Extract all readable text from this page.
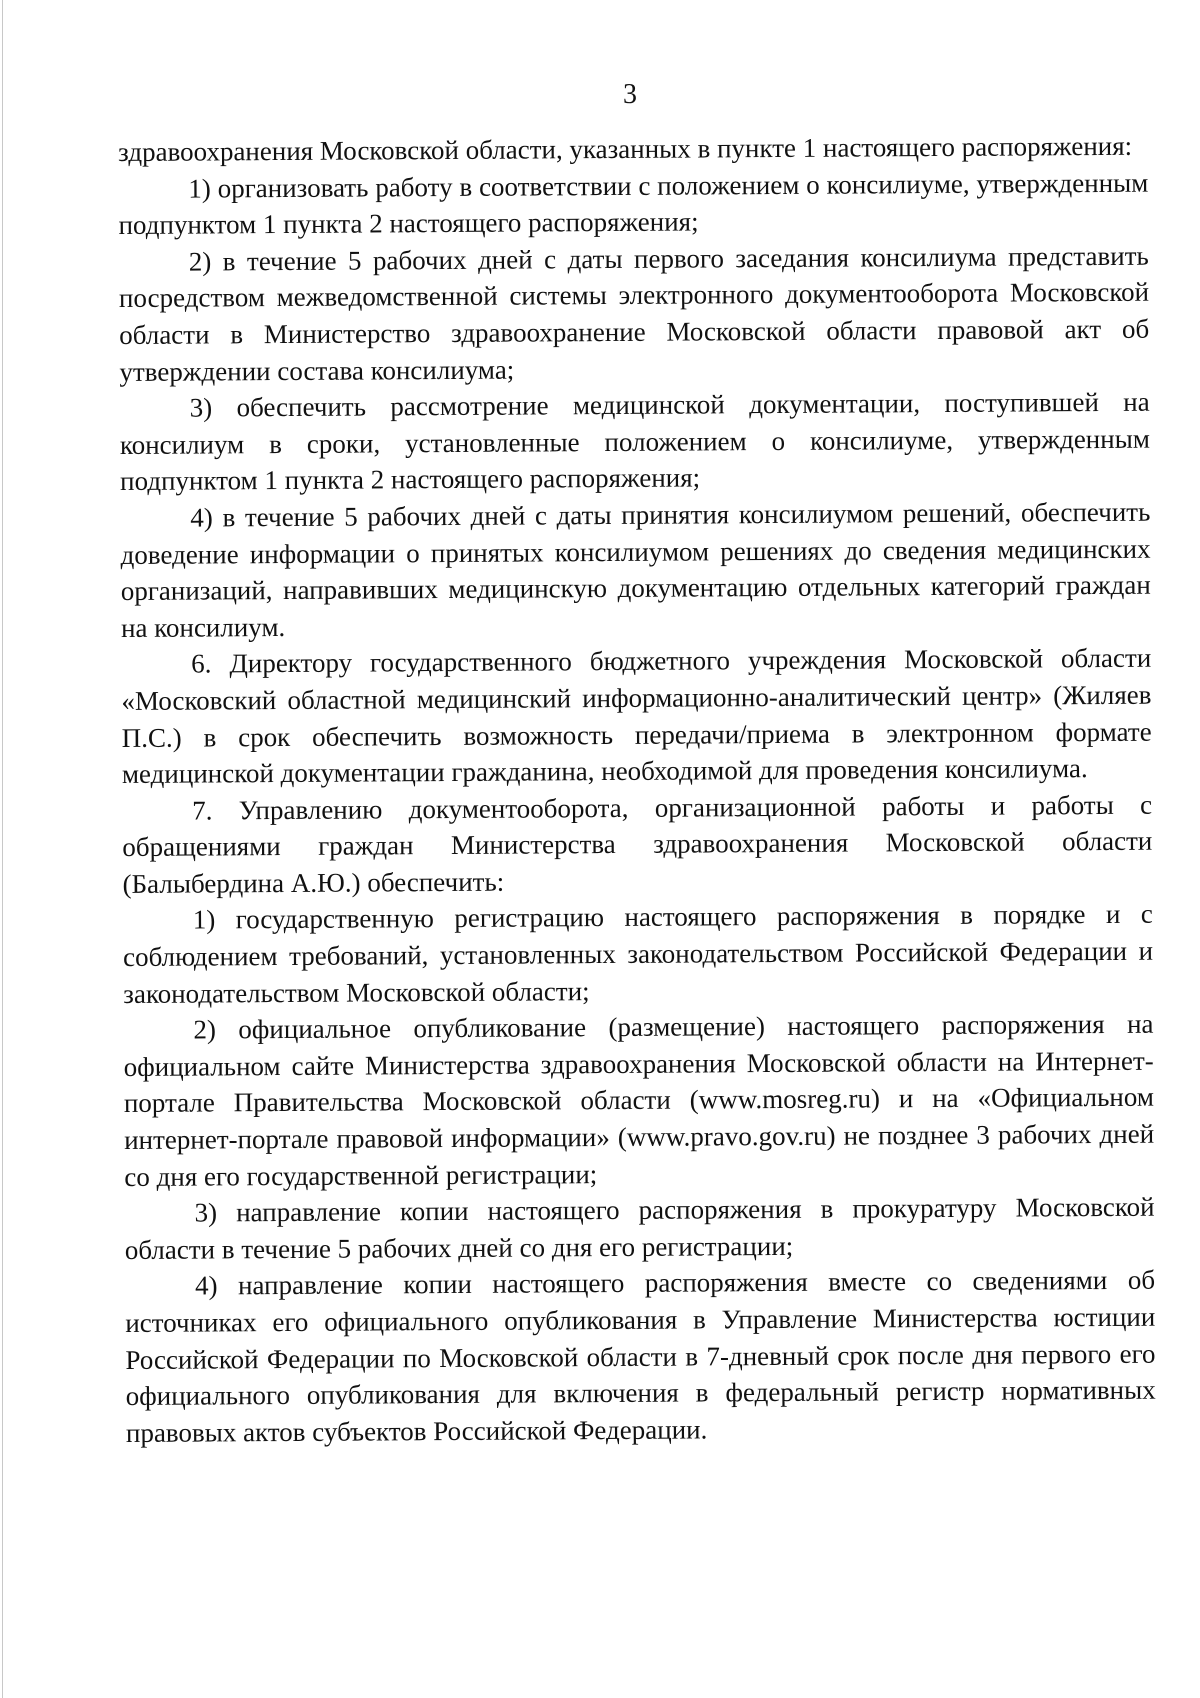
3

здравоохранения Московской области, указанных в пункте 1 настоящего распоряжения:

1) организовать работу в соответствии с положением о консилиуме, утвержденным подпунктом 1 пункта 2 настоящего распоряжения;

2) в течение 5 рабочих дней с даты первого заседания консилиума представить посредством межведомственной системы электронного документооборота Московской области в Министерство здравоохранение Московской области правовой акт об утверждении состава консилиума;

3) обеспечить рассмотрение медицинской документации, поступившей на консилиум в сроки, установленные положением о консилиуме, утвержденным подпунктом 1 пункта 2 настоящего распоряжения;

4) в течение 5 рабочих дней с даты принятия консилиумом решений, обеспечить доведение информации о принятых консилиумом решениях до сведения медицинских организаций, направивших медицинскую документацию отдельных категорий граждан на консилиум.

6. Директору государственного бюджетного учреждения Московской области «Московский областной медицинский информационно-аналитический центр» (Жиляев П.С.) в срок обеспечить возможность передачи/приема в электронном формате медицинской документации гражданина, необходимой для проведения консилиума.

7. Управлению документооборота, организационной работы и работы с обращениями граждан Министерства здравоохранения Московской области (Балыбердина А.Ю.) обеспечить:

1) государственную регистрацию настоящего распоряжения в порядке и с соблюдением требований, установленных законодательством Российской Федерации и законодательством Московской области;

2) официальное опубликование (размещение) настоящего распоряжения на официальном сайте Министерства здравоохранения Московской области на Интернет-портале Правительства Московской области (www.mosreg.ru) и на «Официальном интернет-портале правовой информации» (www.pravo.gov.ru) не позднее 3 рабочих дней со дня его государственной регистрации;

3) направление копии настоящего распоряжения в прокуратуру Московской области в течение 5 рабочих дней со дня его регистрации;

4) направление копии настоящего распоряжения вместе со сведениями об источниках его официального опубликования в Управление Министерства юстиции Российской Федерации по Московской области в 7-дневный срок после дня первого его официального опубликования для включения в федеральный регистр нормативных правовых актов субъектов Российской Федерации.
